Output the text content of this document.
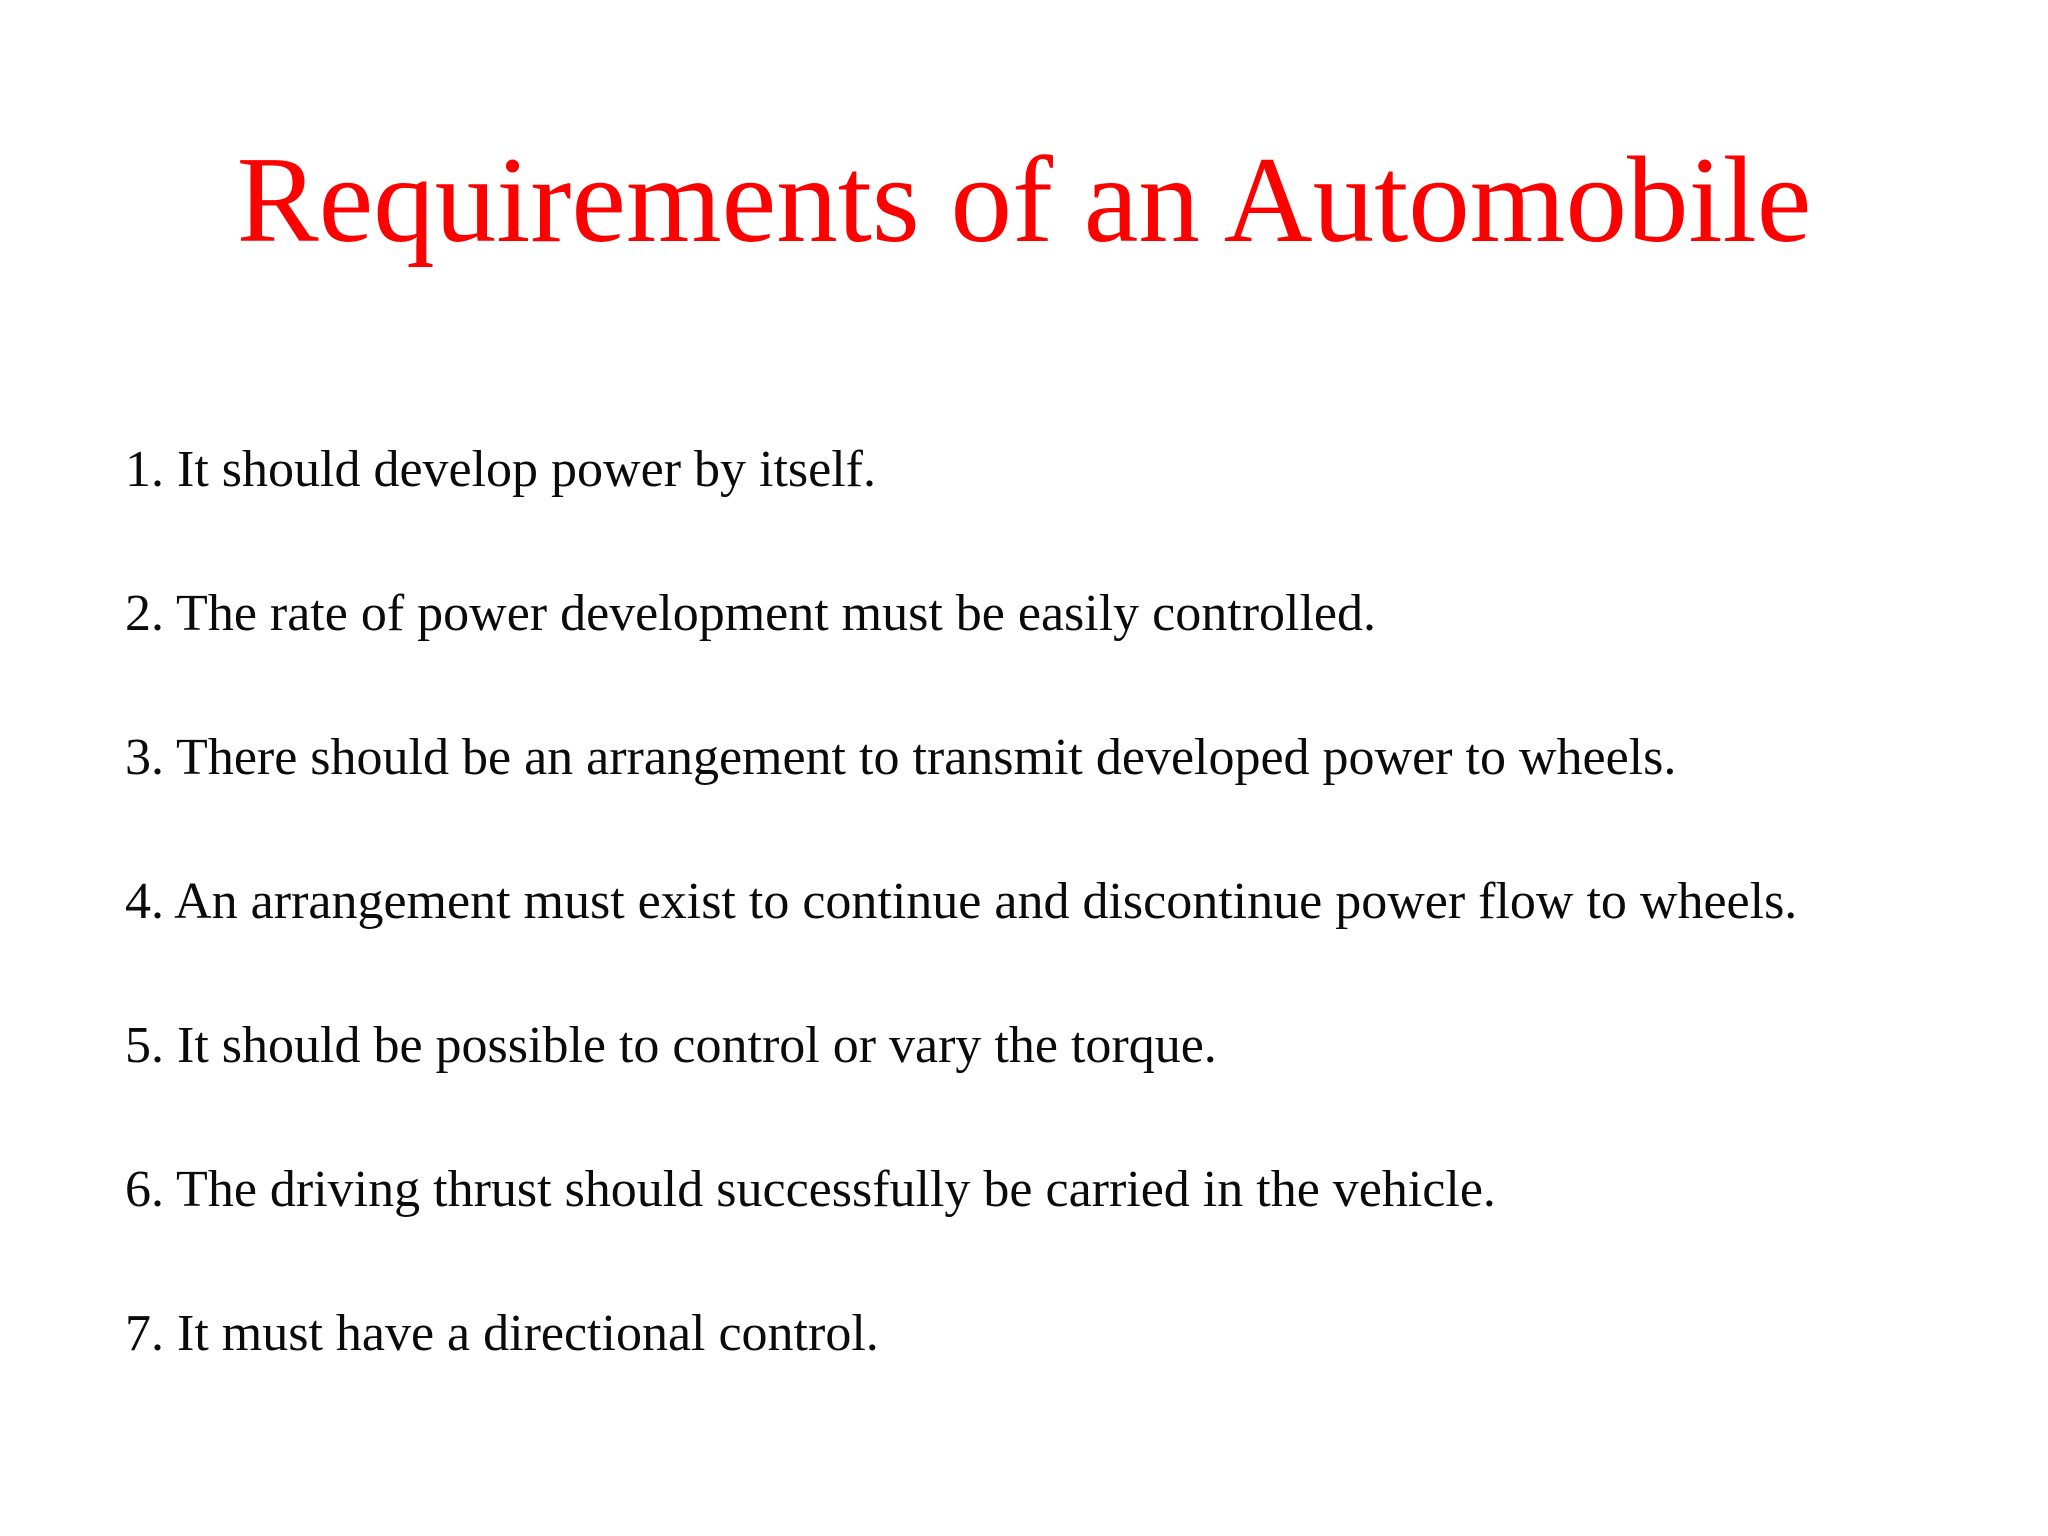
Requirements of an Automobile
1. It should develop power by itself.
2. The rate of power development must be easily controlled.
3. There should be an arrangement to transmit developed power to wheels.
4. An arrangement must exist to continue and discontinue power flow to wheels.
5. It should be possible to control or vary the torque.
6. The driving thrust should successfully be carried in the vehicle.
7. It must have a directional control.
